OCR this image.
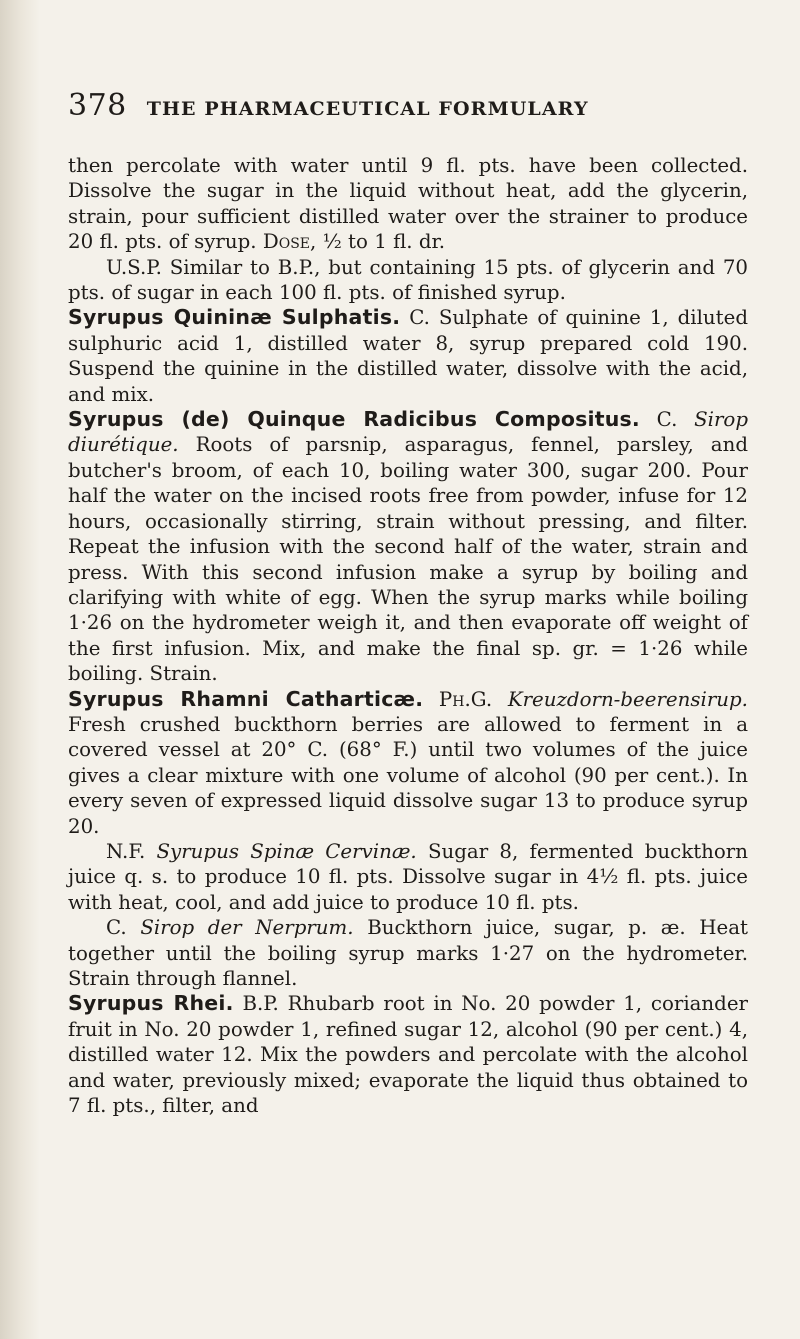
378 THE PHARMACEUTICAL FORMULARY

then percolate with water until 9 fl. pts. have been collected. Dissolve the sugar in the liquid without heat, add the glycerin, strain, pour sufficient distilled water over the strainer to produce 20 fl. pts. of syrup. Dose, ½ to 1 fl. dr.

U.S.P. Similar to B.P., but containing 15 pts. of glycerin and 70 pts. of sugar in each 100 fl. pts. of finished syrup.

Syrupus Quininæ Sulphatis. C. Sulphate of quinine 1, diluted sulphuric acid 1, distilled water 8, syrup prepared cold 190. Suspend the quinine in the distilled water, dissolve with the acid, and mix.

Syrupus (de) Quinque Radicibus Compositus. C. Sirop diurétique. Roots of parsnip, asparagus, fennel, parsley, and butcher's broom, of each 10, boiling water 300, sugar 200. Pour half the water on the incised roots free from powder, infuse for 12 hours, occasionally stirring, strain without pressing, and filter. Repeat the infusion with the second half of the water, strain and press. With this second infusion make a syrup by boiling and clarifying with white of egg. When the syrup marks while boiling 1·26 on the hydrometer weigh it, and then evaporate off weight of the first infusion. Mix, and make the final sp. gr. = 1·26 while boiling. Strain.

Syrupus Rhamni Catharticæ. Ph.G. Kreuzdorn-beerensirup. Fresh crushed buckthorn berries are allowed to ferment in a covered vessel at 20° C. (68° F.) until two volumes of the juice gives a clear mixture with one volume of alcohol (90 per cent.). In every seven of expressed liquid dissolve sugar 13 to produce syrup 20.

N.F. Syrupus Spinæ Cervinæ. Sugar 8, fermented buckthorn juice q. s. to produce 10 fl. pts. Dissolve sugar in 4½ fl. pts. juice with heat, cool, and add juice to produce 10 fl. pts.

C. Sirop der Nerprum. Buckthorn juice, sugar, p. æ. Heat together until the boiling syrup marks 1·27 on the hydrometer. Strain through flannel.

Syrupus Rhei. B.P. Rhubarb root in No. 20 powder 1, coriander fruit in No. 20 powder 1, refined sugar 12, alcohol (90 per cent.) 4, distilled water 12. Mix the powders and percolate with the alcohol and water, previously mixed; evaporate the liquid thus obtained to 7 fl. pts., filter, and
